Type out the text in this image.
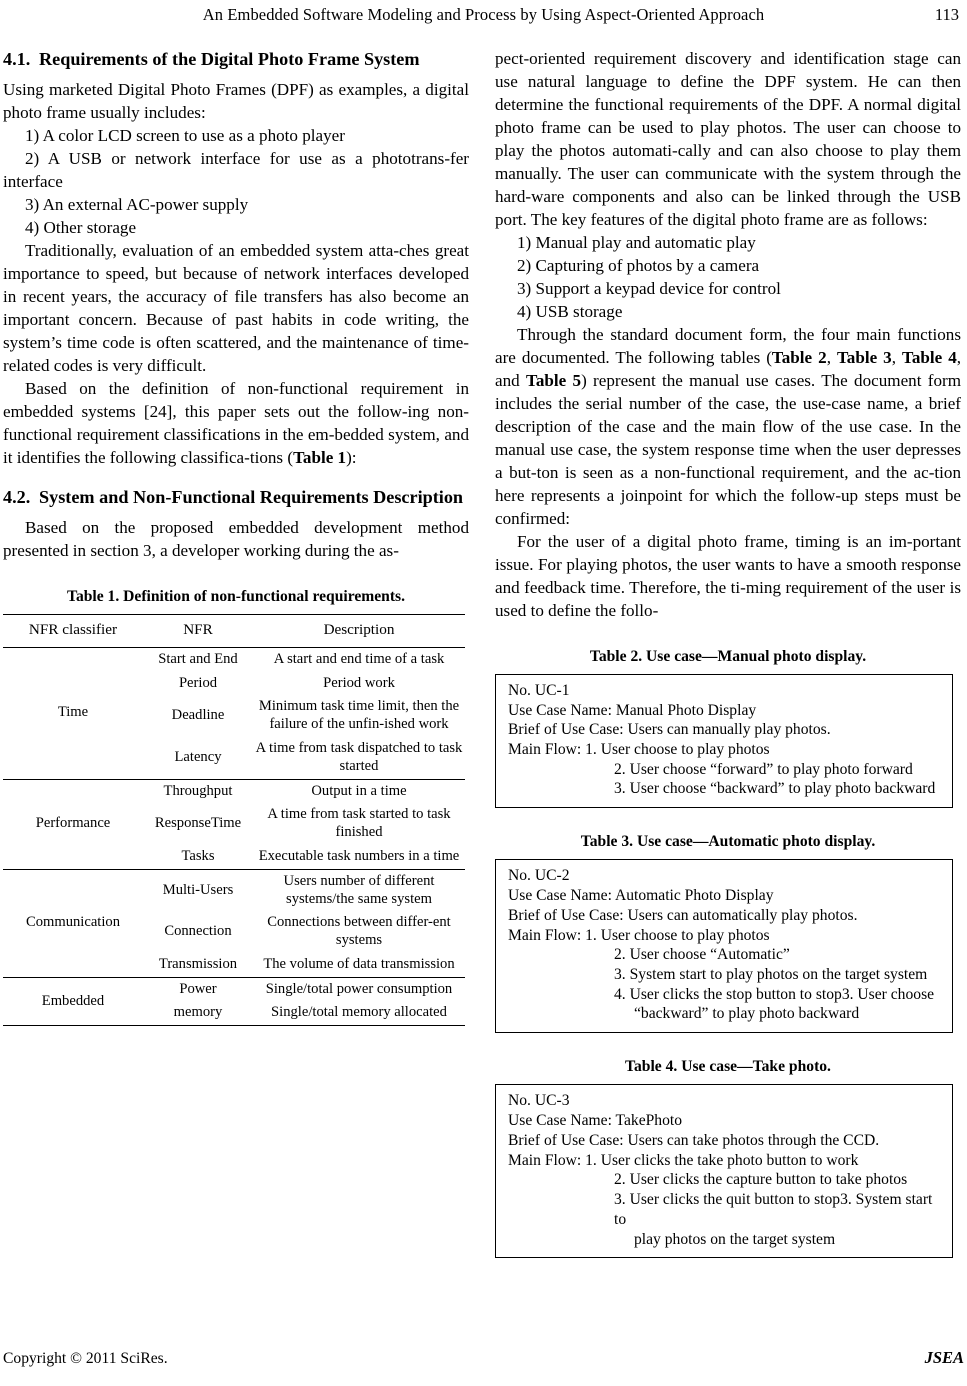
An Embedded Software Modeling and Process by Using Aspect-Oriented Approach	113
4.1. Requirements of the Digital Photo Frame System

Using marketed Digital Photo Frames (DPF) as examples, a digital photo frame usually includes:

1) A color LCD screen to use as a photo player

2) A USB or network interface for use as a phototrans-fer interface

3) An external AC-power supply

4) Other storage

Traditionally, evaluation of an embedded system atta-ches great importance to speed, but because of network interfaces developed in recent years, the accuracy of file transfers has also become an important concern. Because of past habits in code writing, the system’s time code is often scattered, and the maintenance of time-related codes is very difficult.

Based on the definition of non-functional requirement in embedded systems [24], this paper sets out the follow-ing non-functional requirement classifications in the em-bedded system, and it identifies the following classifica-tions (Table 1):

4.2. System and Non-Functional Requirements Description

Based on the proposed embedded development method presented in section 3, a developer working during the as-

Table 1. Definition of non-functional requirements.
NFR classifier	NFR	Description
Time	Start and End	A start and end time of a task
	Period	Period work
	Deadline	Minimum task time limit, then the failure of the unfin-ished work
	Latency	A time from task dispatched to task started
Performance	Throughput	Output in a time
	ResponseTime	A time from task started to task finished
	Tasks	Executable task numbers in a time
Communication	Multi-Users	Users number of different systems/the same system
	Connection	Connections between differ-ent systems
	Transmission	The volume of data transmission
Embedded	Power	Single/total power consumption
	memory	Single/total memory allocated

pect-oriented requirement discovery and identification stage can use natural language to define the DPF system. He can then determine the functional requirements of the DPF. A normal digital photo frame can be used to play photos. The user can choose to play the photos automati-cally and can also choose to play them manually. The user can communicate with the system through the hard-ware components and also can be linked through the USB port. The key features of the digital photo frame are as follows:

1) Manual play and automatic play

2) Capturing of photos by a camera

3) Support a keypad device for control

4) USB storage

Through the standard document form, the four main functions are documented. The following tables (Table 2, Table 3, Table 4, and Table 5) represent the manual use cases. The document form includes the serial number of the case, the use-case name, a brief description of the case and the main flow of the use case. In the manual use case, the system response time when the user depresses a but-ton is seen as a non-functional requirement, and the ac-tion here represents a joinpoint for which the follow-up steps must be confirmed:

For the user of a digital photo frame, timing is an im-portant issue. For playing photos, the user wants to have a smooth response and feedback time. Therefore, the ti-ming requirement of the user is used to define the follo-

Table 2. Use case—Manual photo display.
No. UC-1
Use Case Name: Manual Photo Display
Brief of Use Case: Users can manually play photos.
Main Flow: 1. User choose to play photos
2. User choose “forward” to play photo forward
3. User choose “backward” to play photo backward
Table 3. Use case—Automatic photo display.
No. UC-2
Use Case Name: Automatic Photo Display
Brief of Use Case: Users can automatically play photos.
Main Flow: 1. User choose to play photos
2. User choose “Automatic”
3. System start to play photos on the target system
4. User clicks the stop button to stop3. User choose
“backward” to play photo backward
Table 4. Use case—Take photo.
No. UC-3
Use Case Name: TakePhoto
Brief of Use Case: Users can take photos through the CCD.
Main Flow: 1. User clicks the take photo button to work
2. User clicks the capture button to take photos
3. User clicks the quit button to stop3. System start to
play photos on the target system
Copyright © 2011 SciRes.	JSEA
